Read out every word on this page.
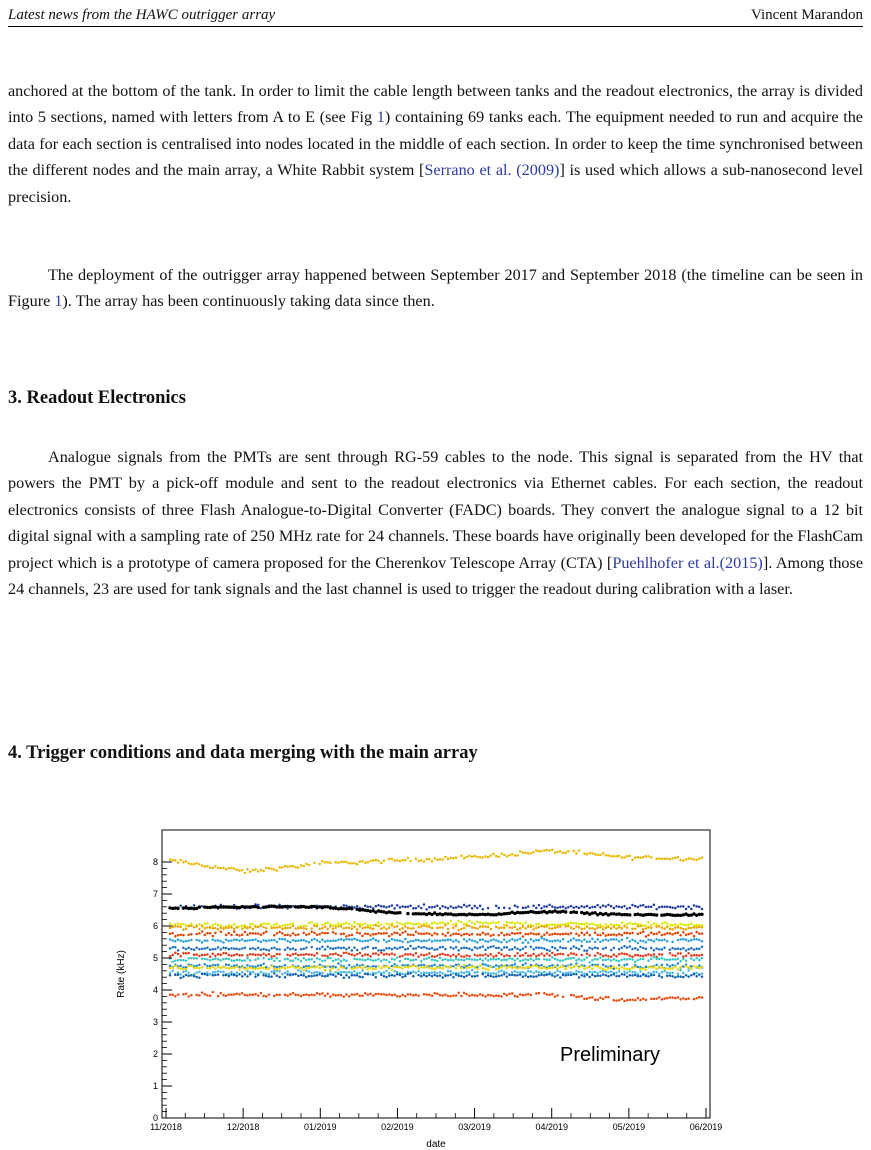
Latest news from the HAWC outrigger array	Vincent Marandon

anchored at the bottom of the tank. In order to limit the cable length between tanks and the readout electronics, the array is divided into 5 sections, named with letters from A to E (see Fig 1) containing 69 tanks each. The equipment needed to run and acquire the data for each section is centralised into nodes located in the middle of each section. In order to keep the time synchronised between the different nodes and the main array, a White Rabbit system [Serrano et al. (2009)] is used which allows a sub-nanosecond level precision.

The deployment of the outrigger array happened between September 2017 and September 2018 (the timeline can be seen in Figure 1). The array has been continuously taking data since then.

3. Readout Electronics

Analogue signals from the PMTs are sent through RG-59 cables to the node. This signal is separated from the HV that powers the PMT by a pick-off module and sent to the readout electronics via Ethernet cables. For each section, the readout electronics consists of three Flash Analogue-to-Digital Converter (FADC) boards. They convert the analogue signal to a 12 bit digital signal with a sampling rate of 250 MHz rate for 24 channels. These boards have originally been developed for the FlashCam project which is a prototype of camera proposed for the Cherenkov Telescope Array (CTA) [Puehlhofer et al.(2015)]. Among those 24 channels, 23 are used for tank signals and the last channel is used to trigger the readout during calibration with a laser.

4. Trigger conditions and data merging with the main array
0
1
2
3
4
5
6
7
8
11/2018	12/2018	01/2019	02/2019	03/2019	04/2019	05/2019	06/2019
Rate (kHz)
date
Preliminary
